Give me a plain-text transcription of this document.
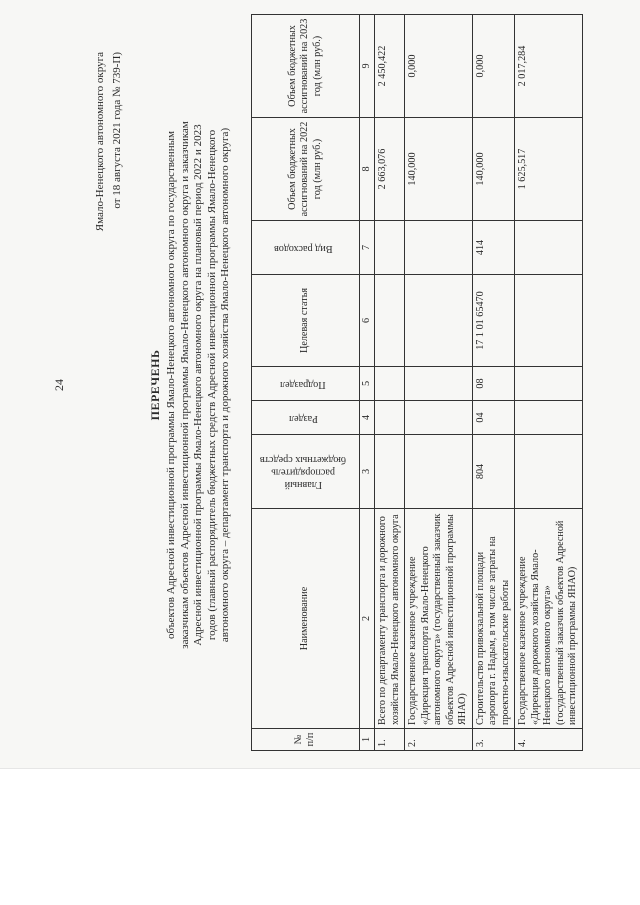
24
Ямало-Ненецкого автономного округа от 18 августа 2021 года № 739-П)
ПЕРЕЧЕНЬ объектов Адресной инвестиционной программы Ямало-Ненецкого автономного округа по государственным заказчикам объектов Адресной инвестиционной программы Ямало-Ненецкого автономного округа и заказчикам Адресной инвестиционной программы Ямало-Ненецкого автономного округа на плановый период 2022 и 2023 годов (главный распорядитель бюджетных средств Адресной инвестиционной программы Ямало-Ненецкого автономного округа – департамент транспорта и дорожного хозяйства Ямало-Ненецкого автономного округа)
№ п/п	Наименование	Главный распорядитель бюджетных средств	Раздел	Подраздел	Целевая статья	Вид расходов	Объем бюджетных ассигнований на 2022 год (млн руб.)	Объем бюджетных ассигнований на 2023 год (млн руб.)
1	2	3	4	5	6	7	8	9
1.	Всего по департаменту транспорта и дорожного хозяйства Ямало-Ненецкого автономного округа						2 663,076	2 450,422
2.	Государственное казенное учреждение «Дирекция транспорта Ямало-Ненецкого автономного округа» (государственный заказчик объектов Адресной инвестиционной программы ЯНАО)						140,000	0,000
3.	Строительство привокзальной площади аэропорта г. Надым, в том числе затраты на проектно-изыскательские работы	804	04	08	17 1 01 65470	414	140,000	0,000
4.	Государственное казенное учреждение «Дирекция дорожного хозяйства Ямало-Ненецкого автономного округа» (государственный заказчик объектов Адресной инвестиционной программы ЯНАО)						1 625,517	2 017,284
